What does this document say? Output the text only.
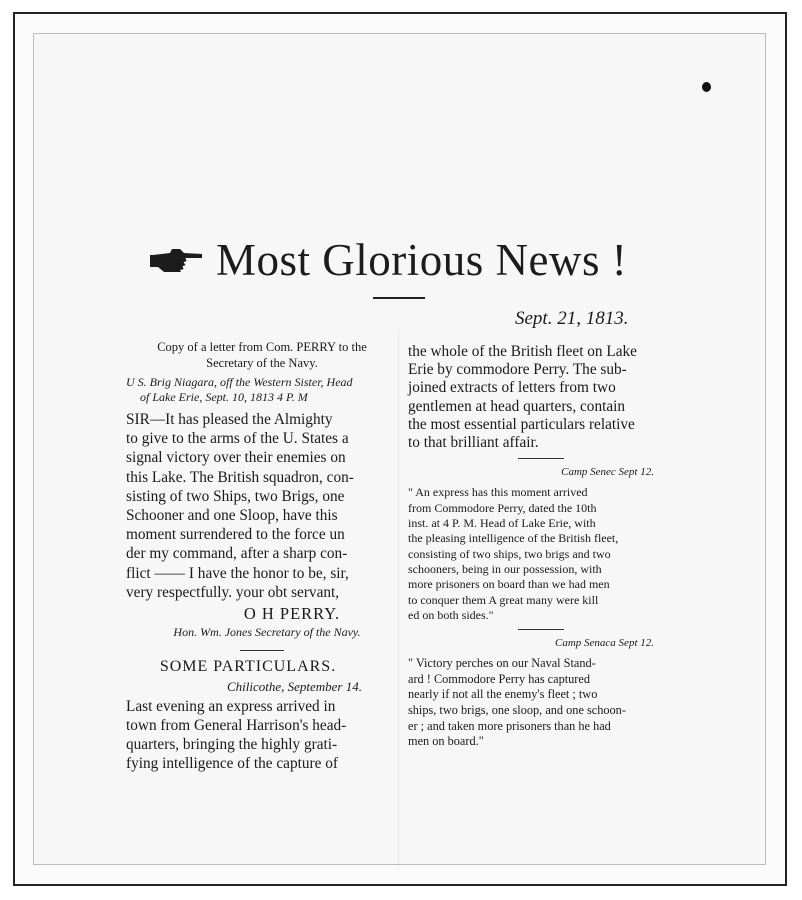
Most Glorious News !
Sept. 21, 1813.
Copy of a letter from Com. PERRY to the
Secretary of the Navy.
U S. Brig Niagara, off the Western Sister, Head
of Lake Erie, Sept. 10, 1813 4 P. M
SIR—It has pleased the Almighty
to give to the arms of the U. States a
signal victory over their enemies on
this Lake. The British squadron, con-
sisting of two Ships, two Brigs, one
Schooner and one Sloop, have this
moment surrendered to the force un
der my command, after a sharp con-
flict —— I have the honor to be, sir,
very respectfully. your obt servant,
O H PERRY.
Hon. Wm. Jones Secretary of the Navy.
SOME PARTICULARS.
Chilicothe, September 14.
Last evening an express arrived in
town from General Harrison's head-
quarters, bringing the highly grati-
fying intelligence of the capture of
the whole of the British fleet on Lake
Erie by commodore Perry. The sub-
joined extracts of letters from two
gentlemen at head quarters, contain
the most essential particulars relative
to that brilliant affair.
Camp Senec Sept 12.
" An express has this moment arrived
from Commodore Perry, dated the 10th
inst. at 4 P. M. Head of Lake Erie, with
the pleasing intelligence of the British fleet,
consisting of two ships, two brigs and two
schooners, being in our possession, with
more prisoners on board than we had men
to conquer them A great many were kill
ed on both sides."
Camp Senaca Sept 12.
" Victory perches on our Naval Stand-
ard ! Commodore Perry has captured
nearly if not all the enemy's fleet ; two
ships, two brigs, one sloop, and one schoon-
er ; and taken more prisoners than he had
men on board."
